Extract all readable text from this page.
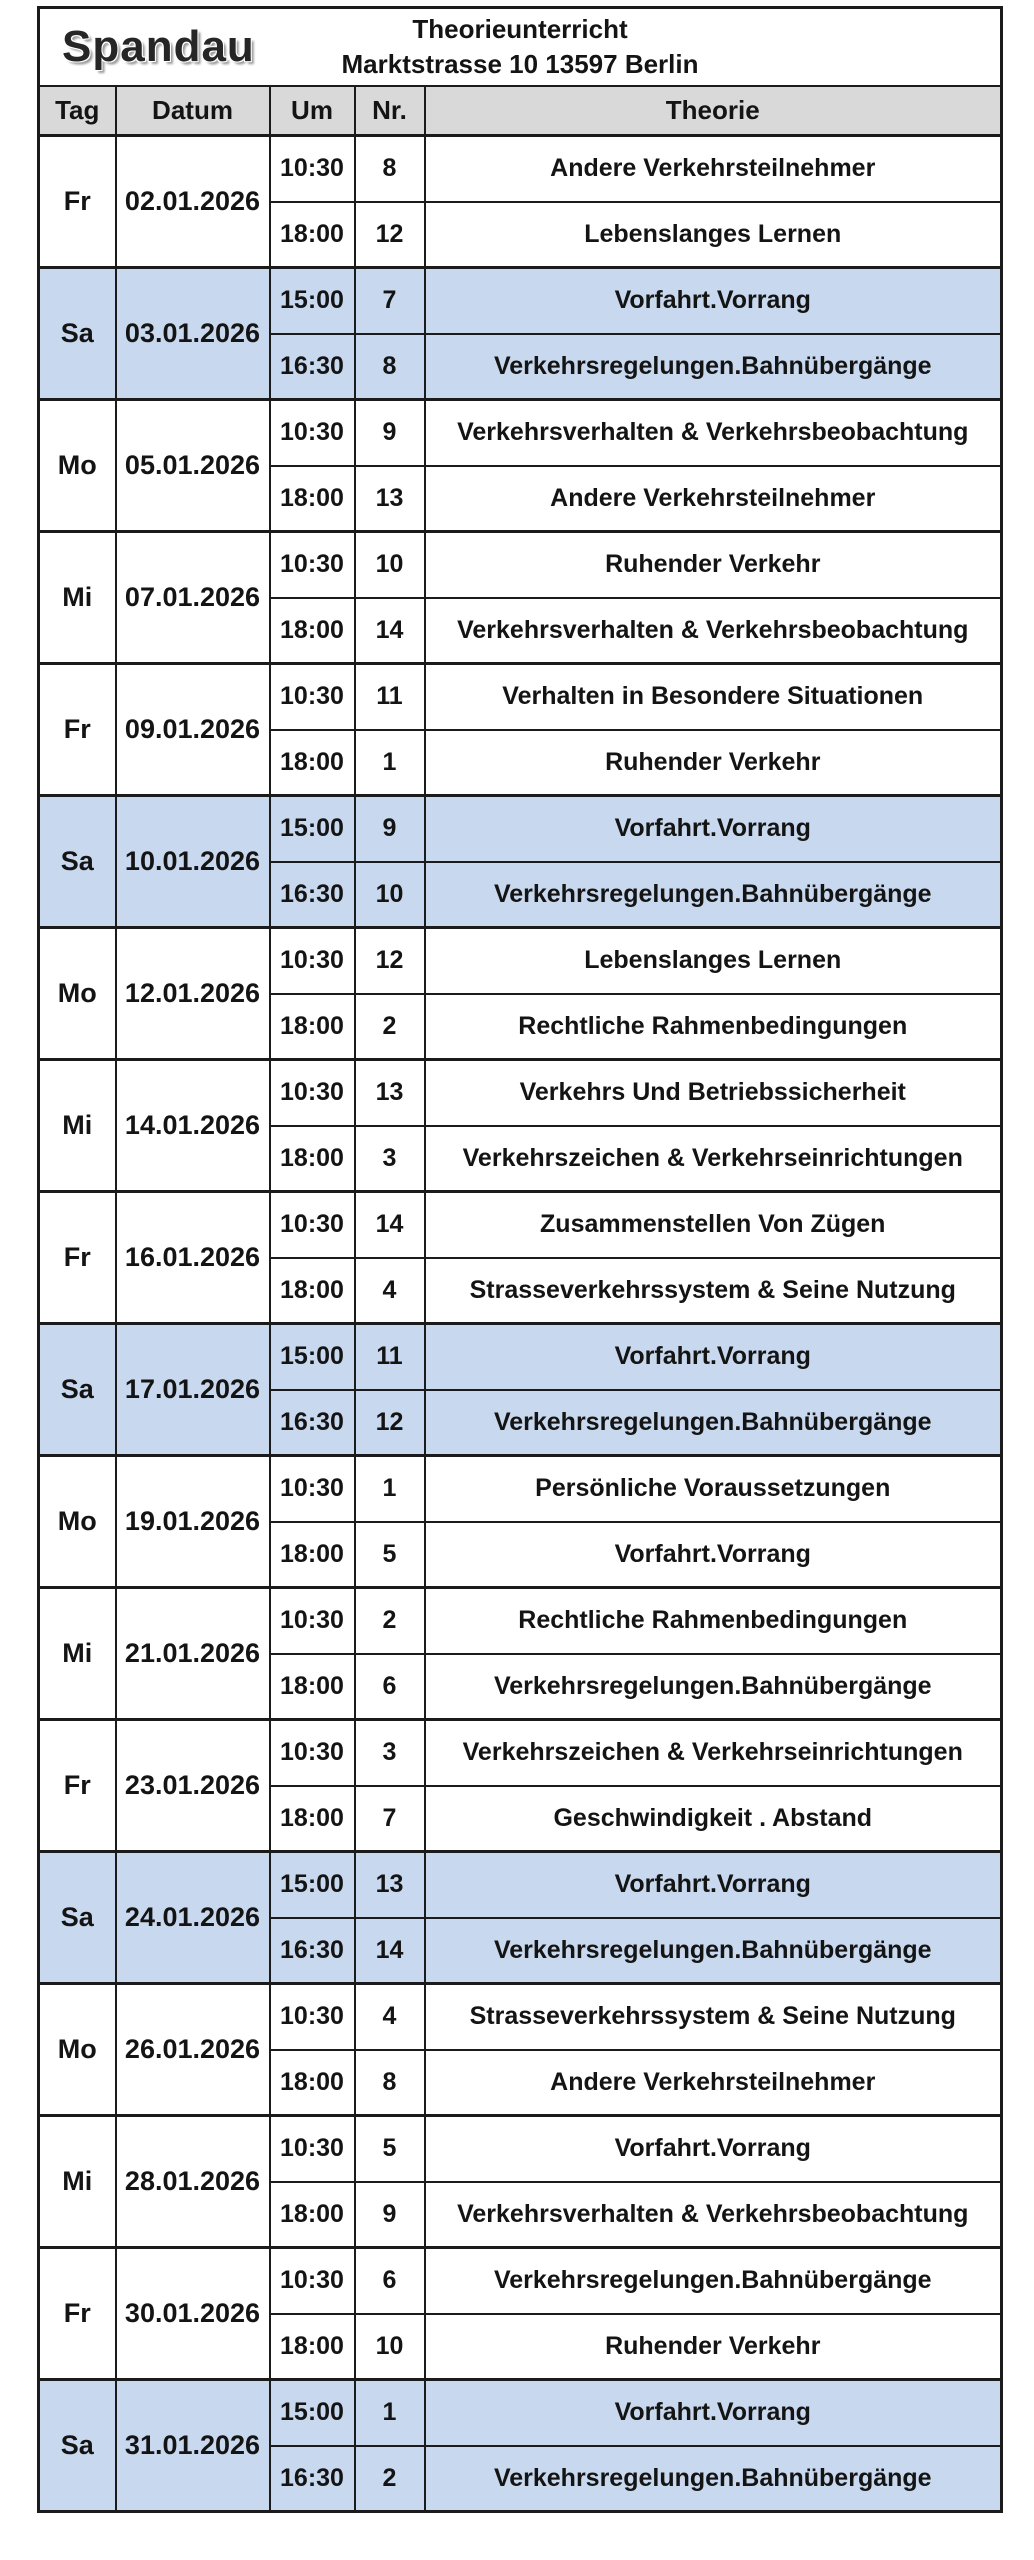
Spandau Theorieunterricht
Marktstrasse 10 13597 Berlin				

Tag	Datum	Um	Nr.	Theorie
Fr	02.01.2026	10:30	8	Andere Verkehrsteilnehmer
		18:00	12	Lebenslanges Lernen
Sa	03.01.2026	15:00	7	Vorfahrt.Vorrang
		16:30	8	Verkehrsregelungen.Bahnübergänge
Mo	05.01.2026	10:30	9	Verkehrsverhalten & Verkehrsbeobachtung
		18:00	13	Andere Verkehrsteilnehmer
Mi	07.01.2026	10:30	10	Ruhender Verkehr
		18:00	14	Verkehrsverhalten & Verkehrsbeobachtung
Fr	09.01.2026	10:30	11	Verhalten in Besondere Situationen
		18:00	1	Ruhender Verkehr
Sa	10.01.2026	15:00	9	Vorfahrt.Vorrang
		16:30	10	Verkehrsregelungen.Bahnübergänge
Mo	12.01.2026	10:30	12	Lebenslanges Lernen
		18:00	2	Rechtliche Rahmenbedingungen
Mi	14.01.2026	10:30	13	Verkehrs Und Betriebssicherheit
		18:00	3	Verkehrszeichen & Verkehrseinrichtungen
Fr	16.01.2026	10:30	14	Zusammenstellen Von Zügen
		18:00	4	Strasseverkehrssystem & Seine Nutzung
Sa	17.01.2026	15:00	11	Vorfahrt.Vorrang
		16:30	12	Verkehrsregelungen.Bahnübergänge
Mo	19.01.2026	10:30	1	Persönliche Voraussetzungen
		18:00	5	Vorfahrt.Vorrang
Mi	21.01.2026	10:30	2	Rechtliche Rahmenbedingungen
		18:00	6	Verkehrsregelungen.Bahnübergänge
Fr	23.01.2026	10:30	3	Verkehrszeichen & Verkehrseinrichtungen
		18:00	7	Geschwindigkeit . Abstand
Sa	24.01.2026	15:00	13	Vorfahrt.Vorrang
		16:30	14	Verkehrsregelungen.Bahnübergänge
Mo	26.01.2026	10:30	4	Strasseverkehrssystem & Seine Nutzung
		18:00	8	Andere Verkehrsteilnehmer
Mi	28.01.2026	10:30	5	Vorfahrt.Vorrang
		18:00	9	Verkehrsverhalten & Verkehrsbeobachtung
Fr	30.01.2026	10:30	6	Verkehrsregelungen.Bahnübergänge
		18:00	10	Ruhender Verkehr
Sa	31.01.2026	15:00	1	Vorfahrt.Vorrang
		16:30	2	Verkehrsregelungen.Bahnübergänge
